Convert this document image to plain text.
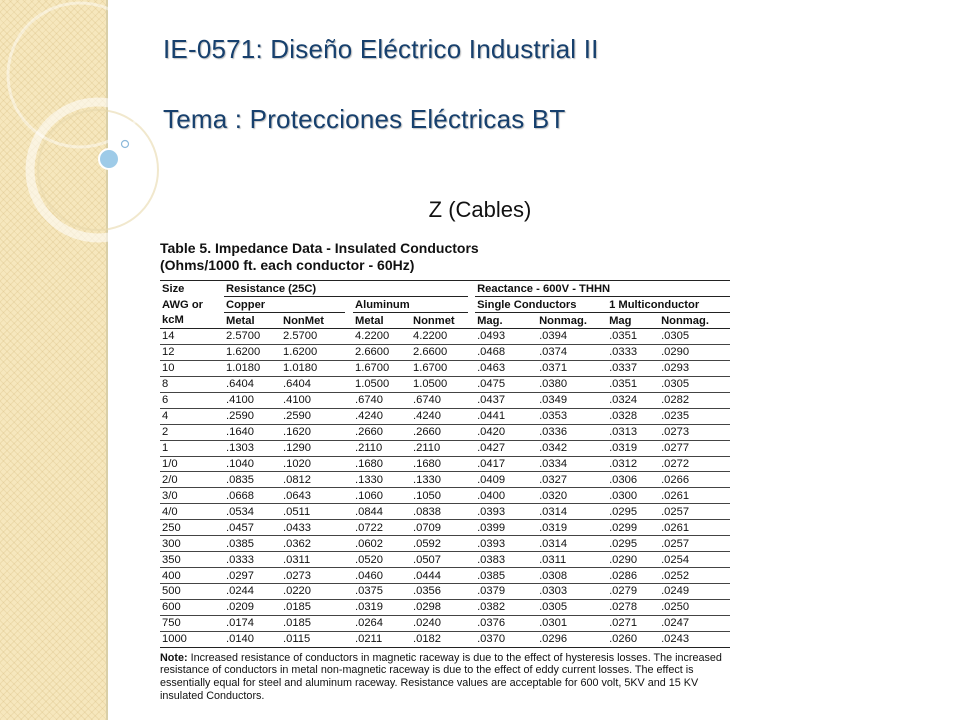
IE-0571: Diseño Eléctrico Industrial II
Tema : Protecciones Eléctricas BT
Z (Cables)

Table 5. Impedance Data - Insulated Conductors

(Ohms/1000 ft. each conductor - 60Hz)

Size	Resistance (25C)						Reactance - 600V - THHN			
AWG or	Copper			Aluminum			Single Conductors		1 Multiconductor	
kcM	Metal	NonMet		Metal	Nonmet		Mag.	Nonmag.	Mag	Nonmag.
14	2.5700	2.5700		4.2200	4.2200		.0493	.0394	.0351	.0305
12	1.6200	1.6200		2.6600	2.6600		.0468	.0374	.0333	.0290
10	1.0180	1.0180		1.6700	1.6700		.0463	.0371	.0337	.0293
8	.6404	.6404		1.0500	1.0500		.0475	.0380	.0351	.0305
6	.4100	.4100		.6740	.6740		.0437	.0349	.0324	.0282
4	.2590	.2590		.4240	.4240		.0441	.0353	.0328	.0235
2	.1640	.1620		.2660	.2660		.0420	.0336	.0313	.0273
1	.1303	.1290		.2110	.2110		.0427	.0342	.0319	.0277
1/0	.1040	.1020		.1680	.1680		.0417	.0334	.0312	.0272
2/0	.0835	.0812		.1330	.1330		.0409	.0327	.0306	.0266
3/0	.0668	.0643		.1060	.1050		.0400	.0320	.0300	.0261
4/0	.0534	.0511		.0844	.0838		.0393	.0314	.0295	.0257
250	.0457	.0433		.0722	.0709		.0399	.0319	.0299	.0261
300	.0385	.0362		.0602	.0592		.0393	.0314	.0295	.0257
350	.0333	.0311		.0520	.0507		.0383	.0311	.0290	.0254
400	.0297	.0273		.0460	.0444		.0385	.0308	.0286	.0252
500	.0244	.0220		.0375	.0356		.0379	.0303	.0279	.0249
600	.0209	.0185		.0319	.0298		.0382	.0305	.0278	.0250
750	.0174	.0185		.0264	.0240		.0376	.0301	.0271	.0247
1000	.0140	.0115		.0211	.0182		.0370	.0296	.0260	.0243

Note: Increased resistance of conductors in magnetic raceway is due to the effect of hysteresis losses. The increased resistance of conductors in metal non-magnetic raceway is due to the effect of eddy current losses. The effect is essentially equal for steel and aluminum raceway. Resistance values are acceptable for 600 volt, 5KV and 15 KV insulated Conductors.
